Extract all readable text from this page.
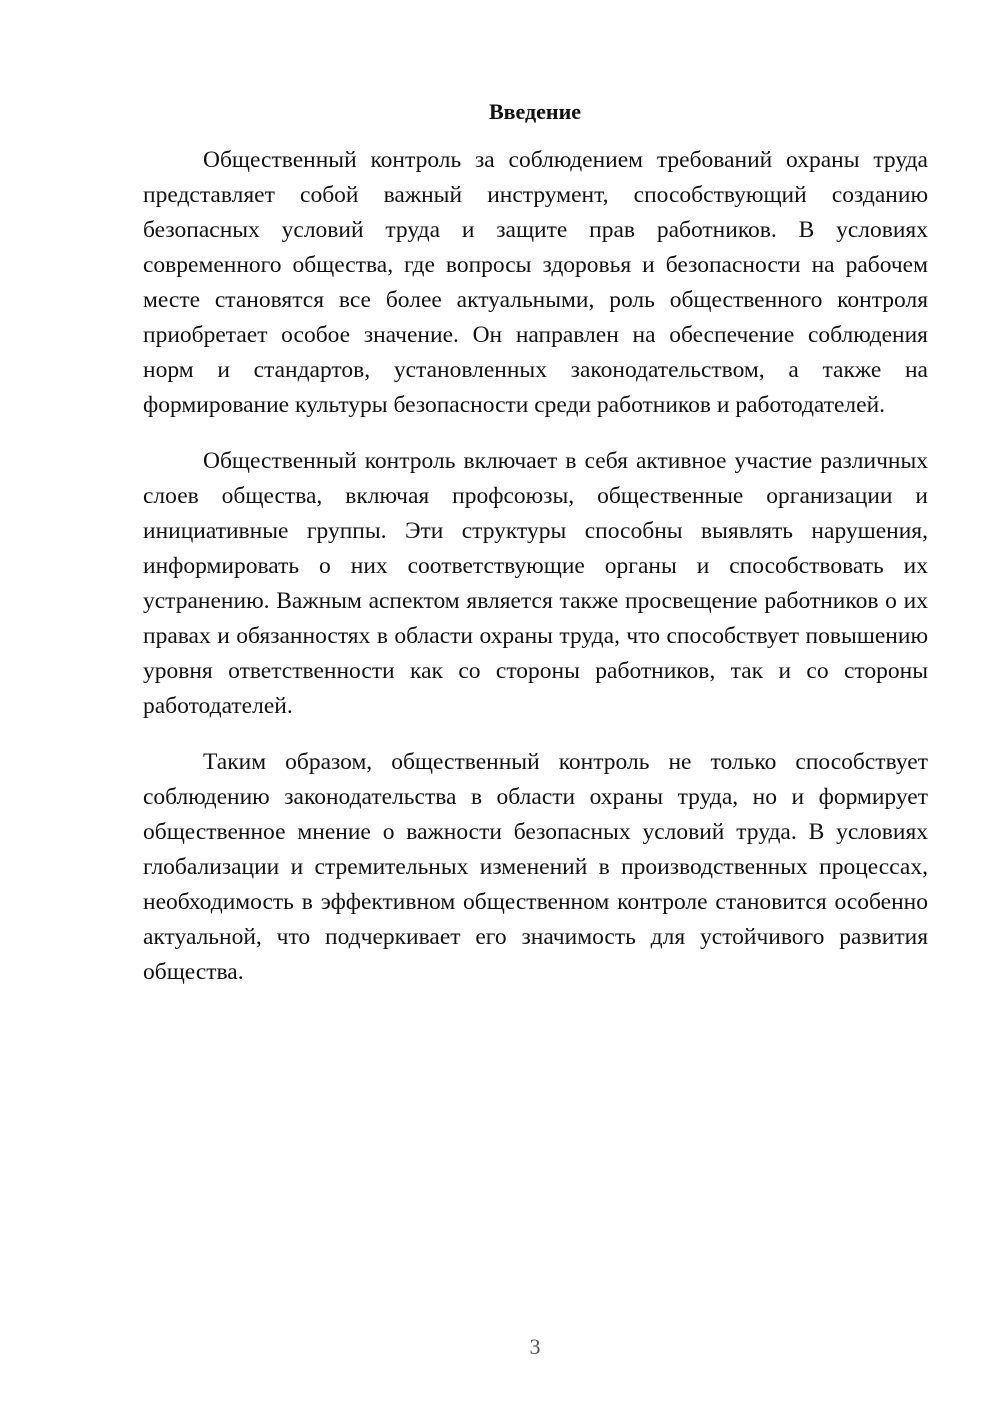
Введение

Общественный контроль за соблюдением требований охраны труда представляет собой важный инструмент, способствующий созданию безопасных условий труда и защите прав работников. В условиях современного общества, где вопросы здоровья и безопасности на рабочем месте становятся все более актуальными, роль общественного контроля приобретает особое значение. Он направлен на обеспечение соблюдения норм и стандартов, установленных законодательством, а также на формирование культуры безопасности среди работников и работодателей.

Общественный контроль включает в себя активное участие различных слоев общества, включая профсоюзы, общественные организации и инициативные группы. Эти структуры способны выявлять нарушения, информировать о них соответствующие органы и способствовать их устранению. Важным аспектом является также просвещение работников о их правах и обязанностях в области охраны труда, что способствует повышению уровня ответственности как со стороны работников, так и со стороны работодателей.

Таким образом, общественный контроль не только способствует соблюдению законодательства в области охраны труда, но и формирует общественное мнение о важности безопасных условий труда. В условиях глобализации и стремительных изменений в производственных процессах, необходимость в эффективном общественном контроле становится особенно актуальной, что подчеркивает его значимость для устойчивого развития общества.

3
